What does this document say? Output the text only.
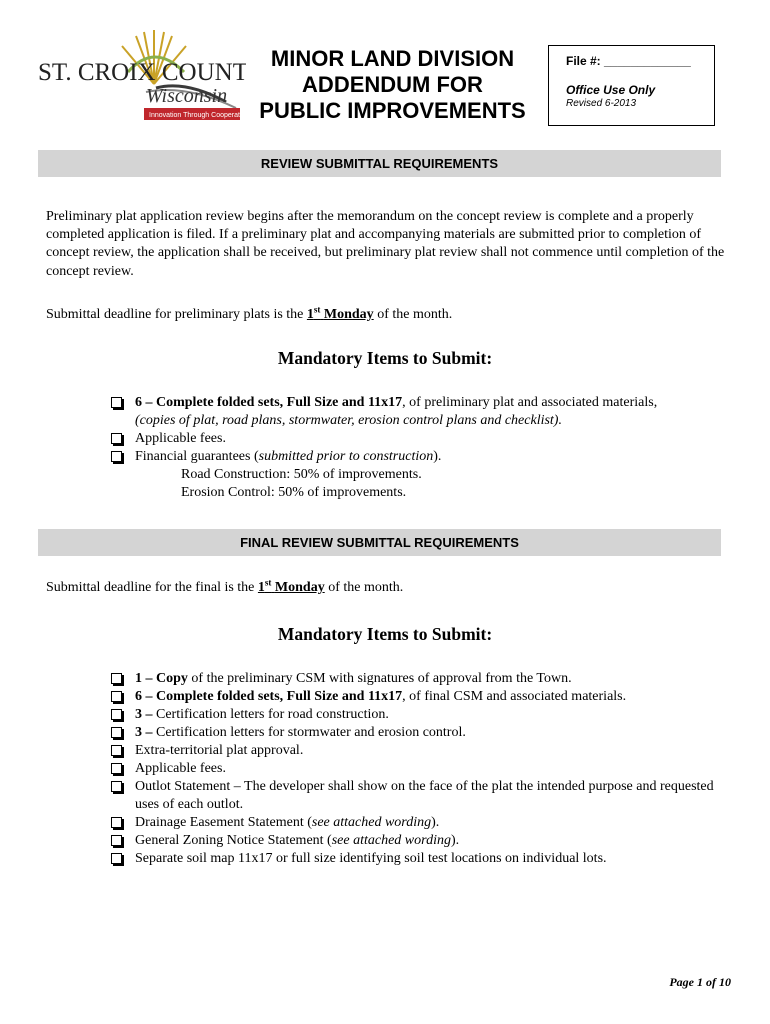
ST. CROIX COUNTY
Wisconsin
Innovation Through Cooperation
MINOR LAND DIVISION
ADDENDUM FOR
PUBLIC IMPROVEMENTS
File #: _____________
Office Use Only
Revised 6-2013
REVIEW SUBMITTAL REQUIREMENTS
Preliminary plat application review begins after the memorandum on the concept review is complete and a properly completed application is filed. If a preliminary plat and accompanying materials are submitted prior to completion of concept review, the application shall be received, but preliminary plat review shall not commence until completion of the concept review.
Submittal deadline for preliminary plats is the 1st Monday of the month.
Mandatory Items to Submit:
6 – Complete folded sets, Full Size and 11x17, of preliminary plat and associated materials,
(copies of plat, road plans, stormwater, erosion control plans and checklist).
Applicable fees.
Financial guarantees (submitted prior to construction).
Road Construction: 50% of improvements.
Erosion Control: 50% of improvements.
FINAL REVIEW SUBMITTAL REQUIREMENTS
Submittal deadline for the final is the 1st Monday of the month.
Mandatory Items to Submit:
1 – Copy of the preliminary CSM with signatures of approval from the Town.
6 – Complete folded sets, Full Size and 11x17, of final CSM and associated materials.
3 – Certification letters for road construction.
3 – Certification letters for stormwater and erosion control.
Extra-territorial plat approval.
Applicable fees.
Outlot Statement – The developer shall show on the face of the plat the intended purpose and requested uses of each outlot.
Drainage Easement Statement (see attached wording).
General Zoning Notice Statement (see attached wording).
Separate soil map 11x17 or full size identifying soil test locations on individual lots.
Page 1 of 10
